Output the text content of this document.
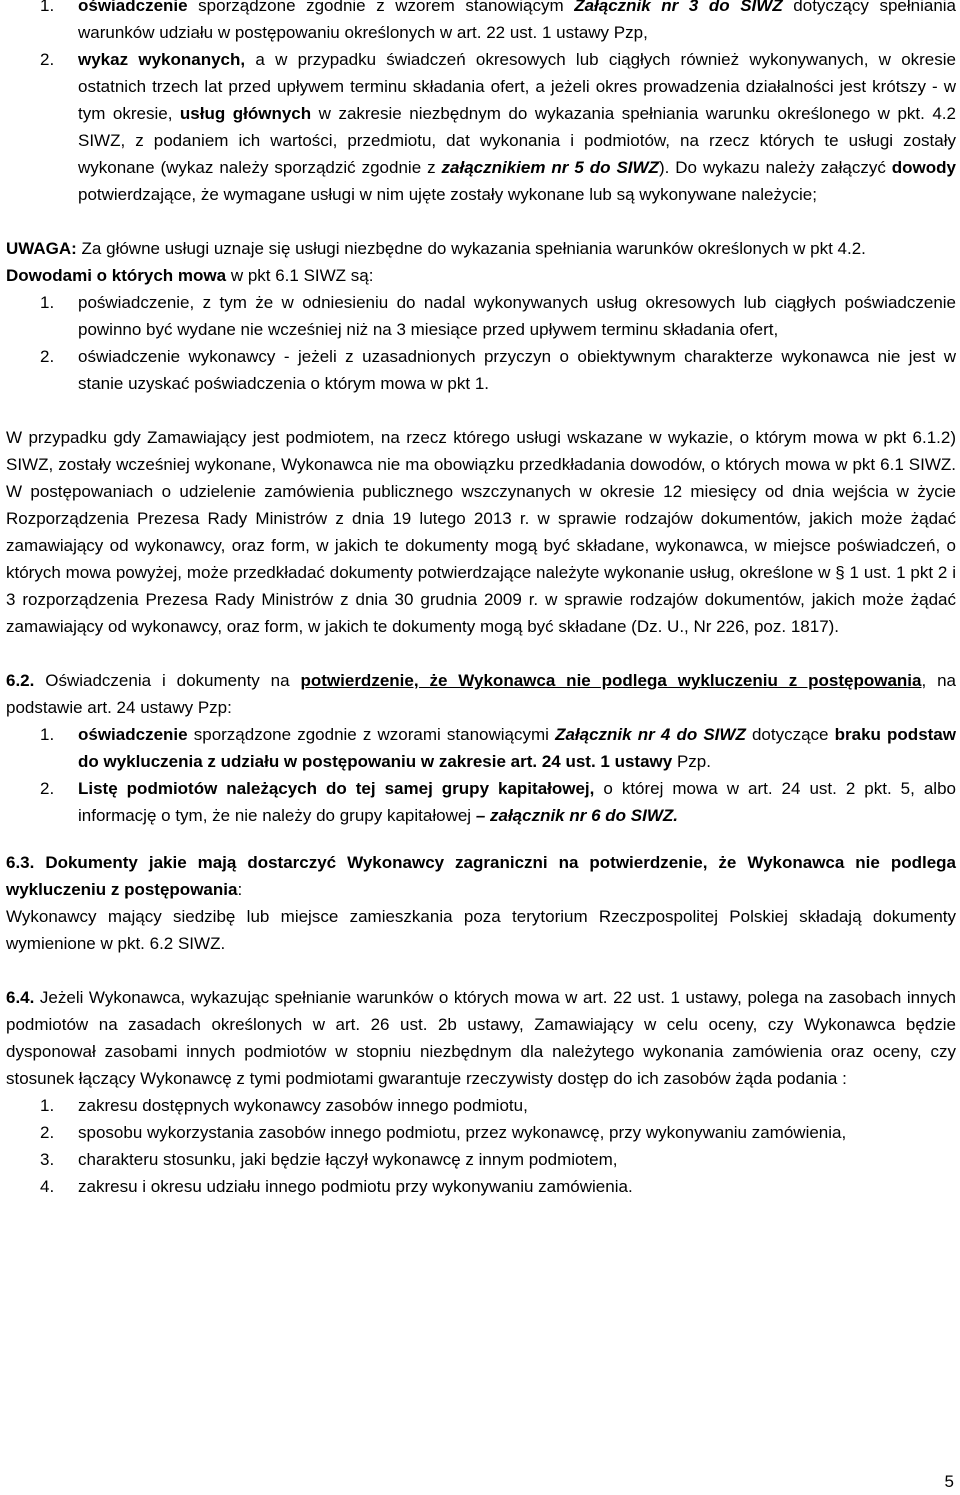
1. oświadczenie sporządzone zgodnie z wzorem stanowiącym Załącznik nr 3 do SIWZ dotyczący spełniania warunków udziału w postępowaniu określonych w art. 22 ust. 1 ustawy Pzp,

2. wykaz wykonanych, a w przypadku świadczeń okresowych lub ciągłych również wykonywanych, w okresie ostatnich trzech lat przed upływem terminu składania ofert, a jeżeli okres prowadzenia działalności jest krótszy - w tym okresie, usług głównych w zakresie niezbędnym do wykazania spełniania warunku określonego w pkt. 4.2 SIWZ, z podaniem ich wartości, przedmiotu, dat wykonania i podmiotów, na rzecz których te usługi zostały wykonane (wykaz należy sporządzić zgodnie z załącznikiem nr 5 do SIWZ). Do wykazu należy załączyć dowody potwierdzające, że wymagane usługi w nim ujęte zostały wykonane lub są wykonywane należycie;

UWAGA: Za główne usługi uznaje się usługi niezbędne do wykazania spełniania warunków określonych w pkt 4.2.

Dowodami o których mowa w pkt 6.1 SIWZ są:

1. poświadczenie, z tym że w odniesieniu do nadal wykonywanych usług okresowych lub ciągłych poświadczenie powinno być wydane nie wcześniej niż na 3 miesiące przed upływem terminu składania ofert,

2. oświadczenie wykonawcy - jeżeli z uzasadnionych przyczyn o obiektywnym charakterze wykonawca nie jest w stanie uzyskać poświadczenia o którym mowa w pkt 1.

W przypadku gdy Zamawiający jest podmiotem, na rzecz którego usługi wskazane w wykazie, o którym mowa w pkt 6.1.2) SIWZ, zostały wcześniej wykonane, Wykonawca nie ma obowiązku przedkładania dowodów, o których mowa w pkt 6.1 SIWZ. W postępowaniach o udzielenie zamówienia publicznego wszczynanych w okresie 12 miesięcy od dnia wejścia w życie Rozporządzenia Prezesa Rady Ministrów z dnia 19 lutego 2013 r. w sprawie rodzajów dokumentów, jakich może żądać zamawiający od wykonawcy, oraz form, w jakich te dokumenty mogą być składane, wykonawca, w miejsce poświadczeń, o których mowa powyżej, może przedkładać dokumenty potwierdzające należyte wykonanie usług, określone w § 1 ust. 1 pkt 2 i 3 rozporządzenia Prezesa Rady Ministrów z dnia 30 grudnia 2009 r. w sprawie rodzajów dokumentów, jakich może żądać zamawiający od wykonawcy, oraz form, w jakich te dokumenty mogą być składane (Dz. U., Nr 226, poz. 1817).

6.2. Oświadczenia i dokumenty na potwierdzenie, że Wykonawca nie podlega wykluczeniu z postępowania, na podstawie art. 24 ustawy Pzp:

1. oświadczenie sporządzone zgodnie z wzorami stanowiącymi Załącznik nr 4 do SIWZ dotyczące braku podstaw do wykluczenia z udziału w postępowaniu w zakresie art. 24 ust. 1 ustawy Pzp.

2. Listę podmiotów należących do tej samej grupy kapitałowej, o której mowa w art. 24 ust. 2 pkt. 5, albo informację o tym, że nie należy do grupy kapitałowej – załącznik nr 6 do SIWZ.

6.3. Dokumenty jakie mają dostarczyć Wykonawcy zagraniczni na potwierdzenie, że Wykonawca nie podlega wykluczeniu z postępowania:

Wykonawcy mający siedzibę lub miejsce zamieszkania poza terytorium Rzeczpospolitej Polskiej składają dokumenty wymienione w pkt. 6.2 SIWZ.

6.4. Jeżeli Wykonawca, wykazując spełnianie warunków o których mowa w art. 22 ust. 1 ustawy, polega na zasobach innych podmiotów na zasadach określonych w art. 26 ust. 2b ustawy, Zamawiający w celu oceny, czy Wykonawca będzie dysponował zasobami innych podmiotów w stopniu niezbędnym dla należytego wykonania zamówienia oraz oceny, czy stosunek łączący Wykonawcę z tymi podmiotami gwarantuje rzeczywisty dostęp do ich zasobów żąda podania :

1. zakresu dostępnych wykonawcy zasobów innego podmiotu,

2. sposobu wykorzystania zasobów innego podmiotu, przez wykonawcę, przy wykonywaniu zamówienia,

3. charakteru stosunku, jaki będzie łączył wykonawcę z innym podmiotem,

4. zakresu i okresu udziału innego podmiotu przy wykonywaniu zamówienia.

5
